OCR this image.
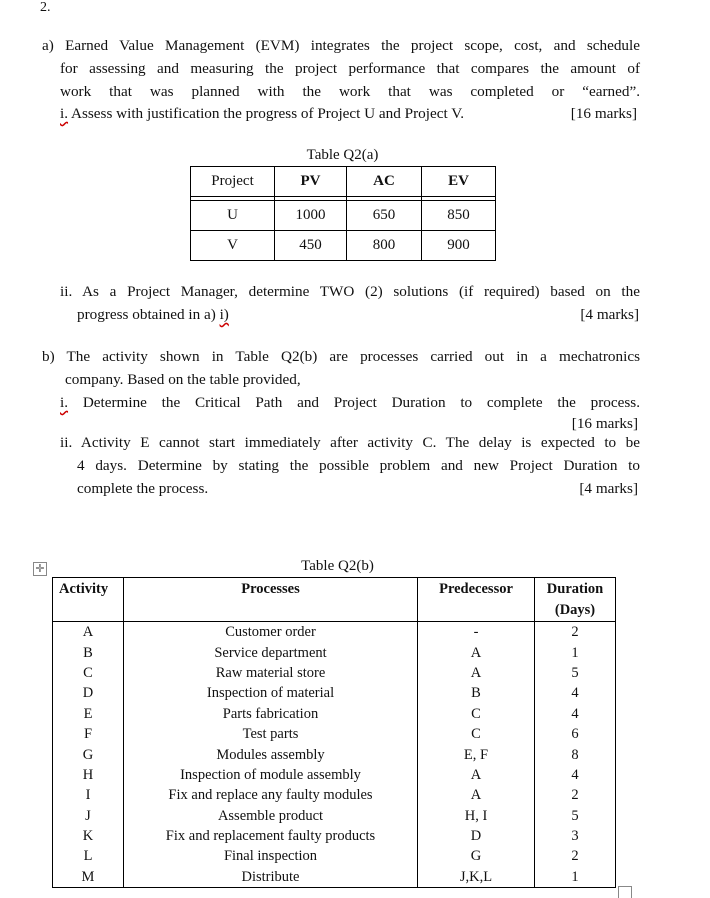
2.
a) Earned Value Management (EVM) integrates the project scope, cost, and schedule
for assessing and measuring the project performance that compares the amount of
work that was planned with the work that was completed or “earned”.
i. Assess with justification the progress of Project U and Project V.	[16 marks]
Table Q2(a)
Project	PV	AC	EV

U	1000	650	850
V	450	800	900
ii. As a Project Manager, determine TWO (2) solutions (if required) based on the
progress obtained in a) i)	[4 marks]
b) The activity shown in Table Q2(b) are processes carried out in a mechatronics
company. Based on the table provided,
i. Determine the Critical Path and Project Duration to complete the process.
[16 marks]
ii. Activity E cannot start immediately after activity C. The delay is expected to be
4 days. Determine by stating the possible problem and new Project Duration to
complete the process.	[4 marks]
✛	Table Q2(b)
Activity	Processes	Predecessor	Duration
(Days)
A	Customer order	-	2
B	Service department	A	1
C	Raw material store	A	5
D	Inspection of material	B	4
E	Parts fabrication	C	4
F	Test parts	C	6
G	Modules assembly	E, F	8
H	Inspection of module assembly	A	4
I	Fix and replace any faulty modules	A	2
J	Assemble product	H, I	5
K	Fix and replacement faulty products	D	3
L	Final inspection	G	2
M	Distribute	J,K,L	1
